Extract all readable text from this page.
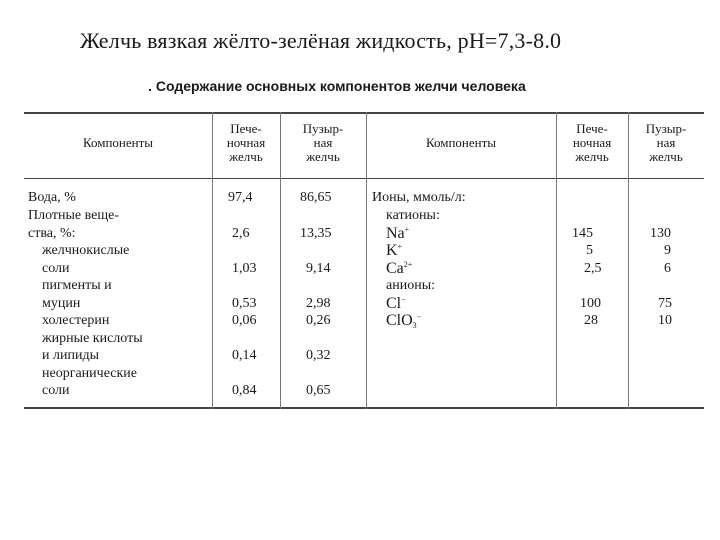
Желчь вязкая жёлто-зелёная жидкость, pH=7,3-8.0
. Содержание основных компонентов желчи человека
Компоненты
Пече-
ночная
желчь
Пузыр-
ная
желчь
Компоненты
Пече-
ночная
желчь
Пузыр-
ная
желчь
Вода, %
Плотные веще-
ства, %:
желчнокислые
соли
пигменты и
муцин
холестерин
жирные кислоты
и липиды
неорганические
соли
97,4
2,6
1,03
0,53
0,06
0,14
0,84
86,65
13,35
9,14
2,98
0,26
0,32
0,65
Ионы, ммоль/л:
катионы:
Na+
K+
$Ca^{2+}$
анионы:
Cl−
ClO$_3$−
145
5
2,5
100
28
130
9
6
75
10
